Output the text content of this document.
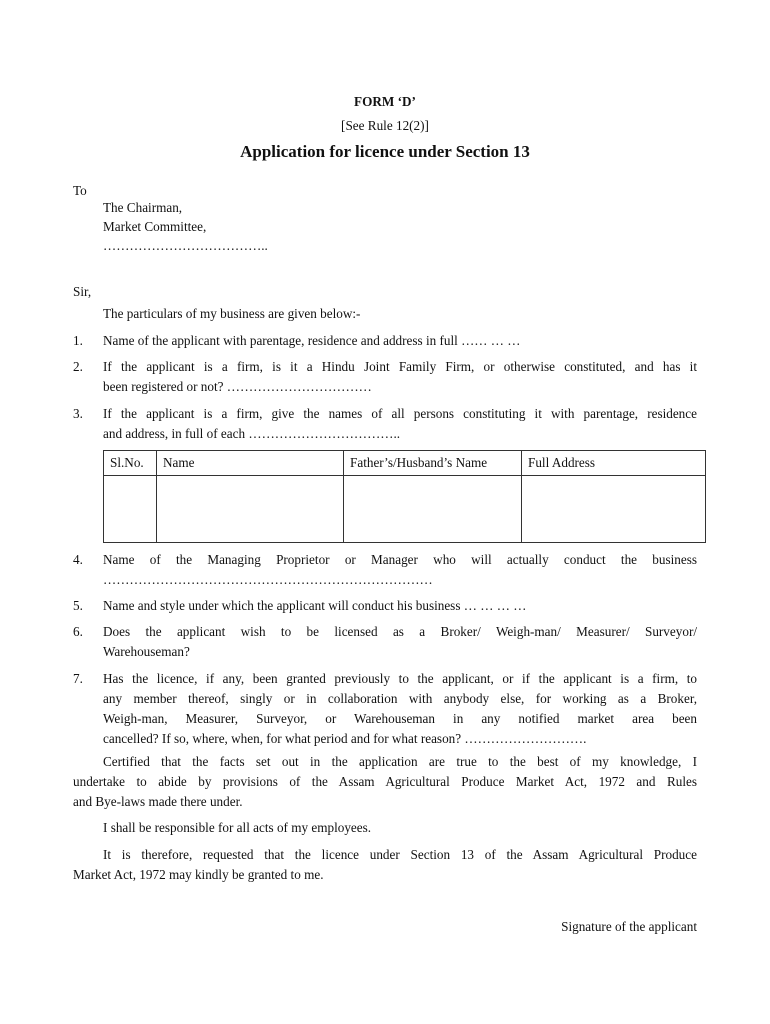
FORM ‘D’
[See Rule 12(2)]
Application for licence under Section 13
To
The Chairman,
Market Committee,
………………………………..
Sir,
The particulars of my business are given below:-
1. Name of the applicant with parentage, residence and address in full …… … …
2. If the applicant is a firm, is it a Hindu Joint Family Firm, or otherwise constituted, and has it
been registered or not? ……………………………
3. If the applicant is a firm, give the names of all persons constituting it with parentage, residence
and address, in full of each ……………………………..
Sl.No.	Name	Father’s/Husband’s Name	Full Address

4. Name of the Managing Proprietor or Manager who will actually conduct the business
…………………………………………………………………
5. Name and style under which the applicant will conduct his business … … … …
6. Does the applicant wish to be licensed as a Broker/ Weigh-man/ Measurer/ Surveyor/
Warehouseman?
7. Has the licence, if any, been granted previously to the applicant, or if the applicant is a firm, to
any member thereof, singly or in collaboration with anybody else, for working as a Broker,
Weigh-man, Measurer, Surveyor, or Warehouseman in any notified market area been
cancelled? If so, where, when, for what period and for what reason? ……………………….
Certified that the facts set out in the application are true to the best of my knowledge, I
undertake to abide by provisions of the Assam Agricultural Produce Market Act, 1972 and Rules
and Bye-laws made there under.
I shall be responsible for all acts of my employees.
It is therefore, requested that the licence under Section 13 of the Assam Agricultural Produce
Market Act, 1972 may kindly be granted to me.
Signature of the applicant
